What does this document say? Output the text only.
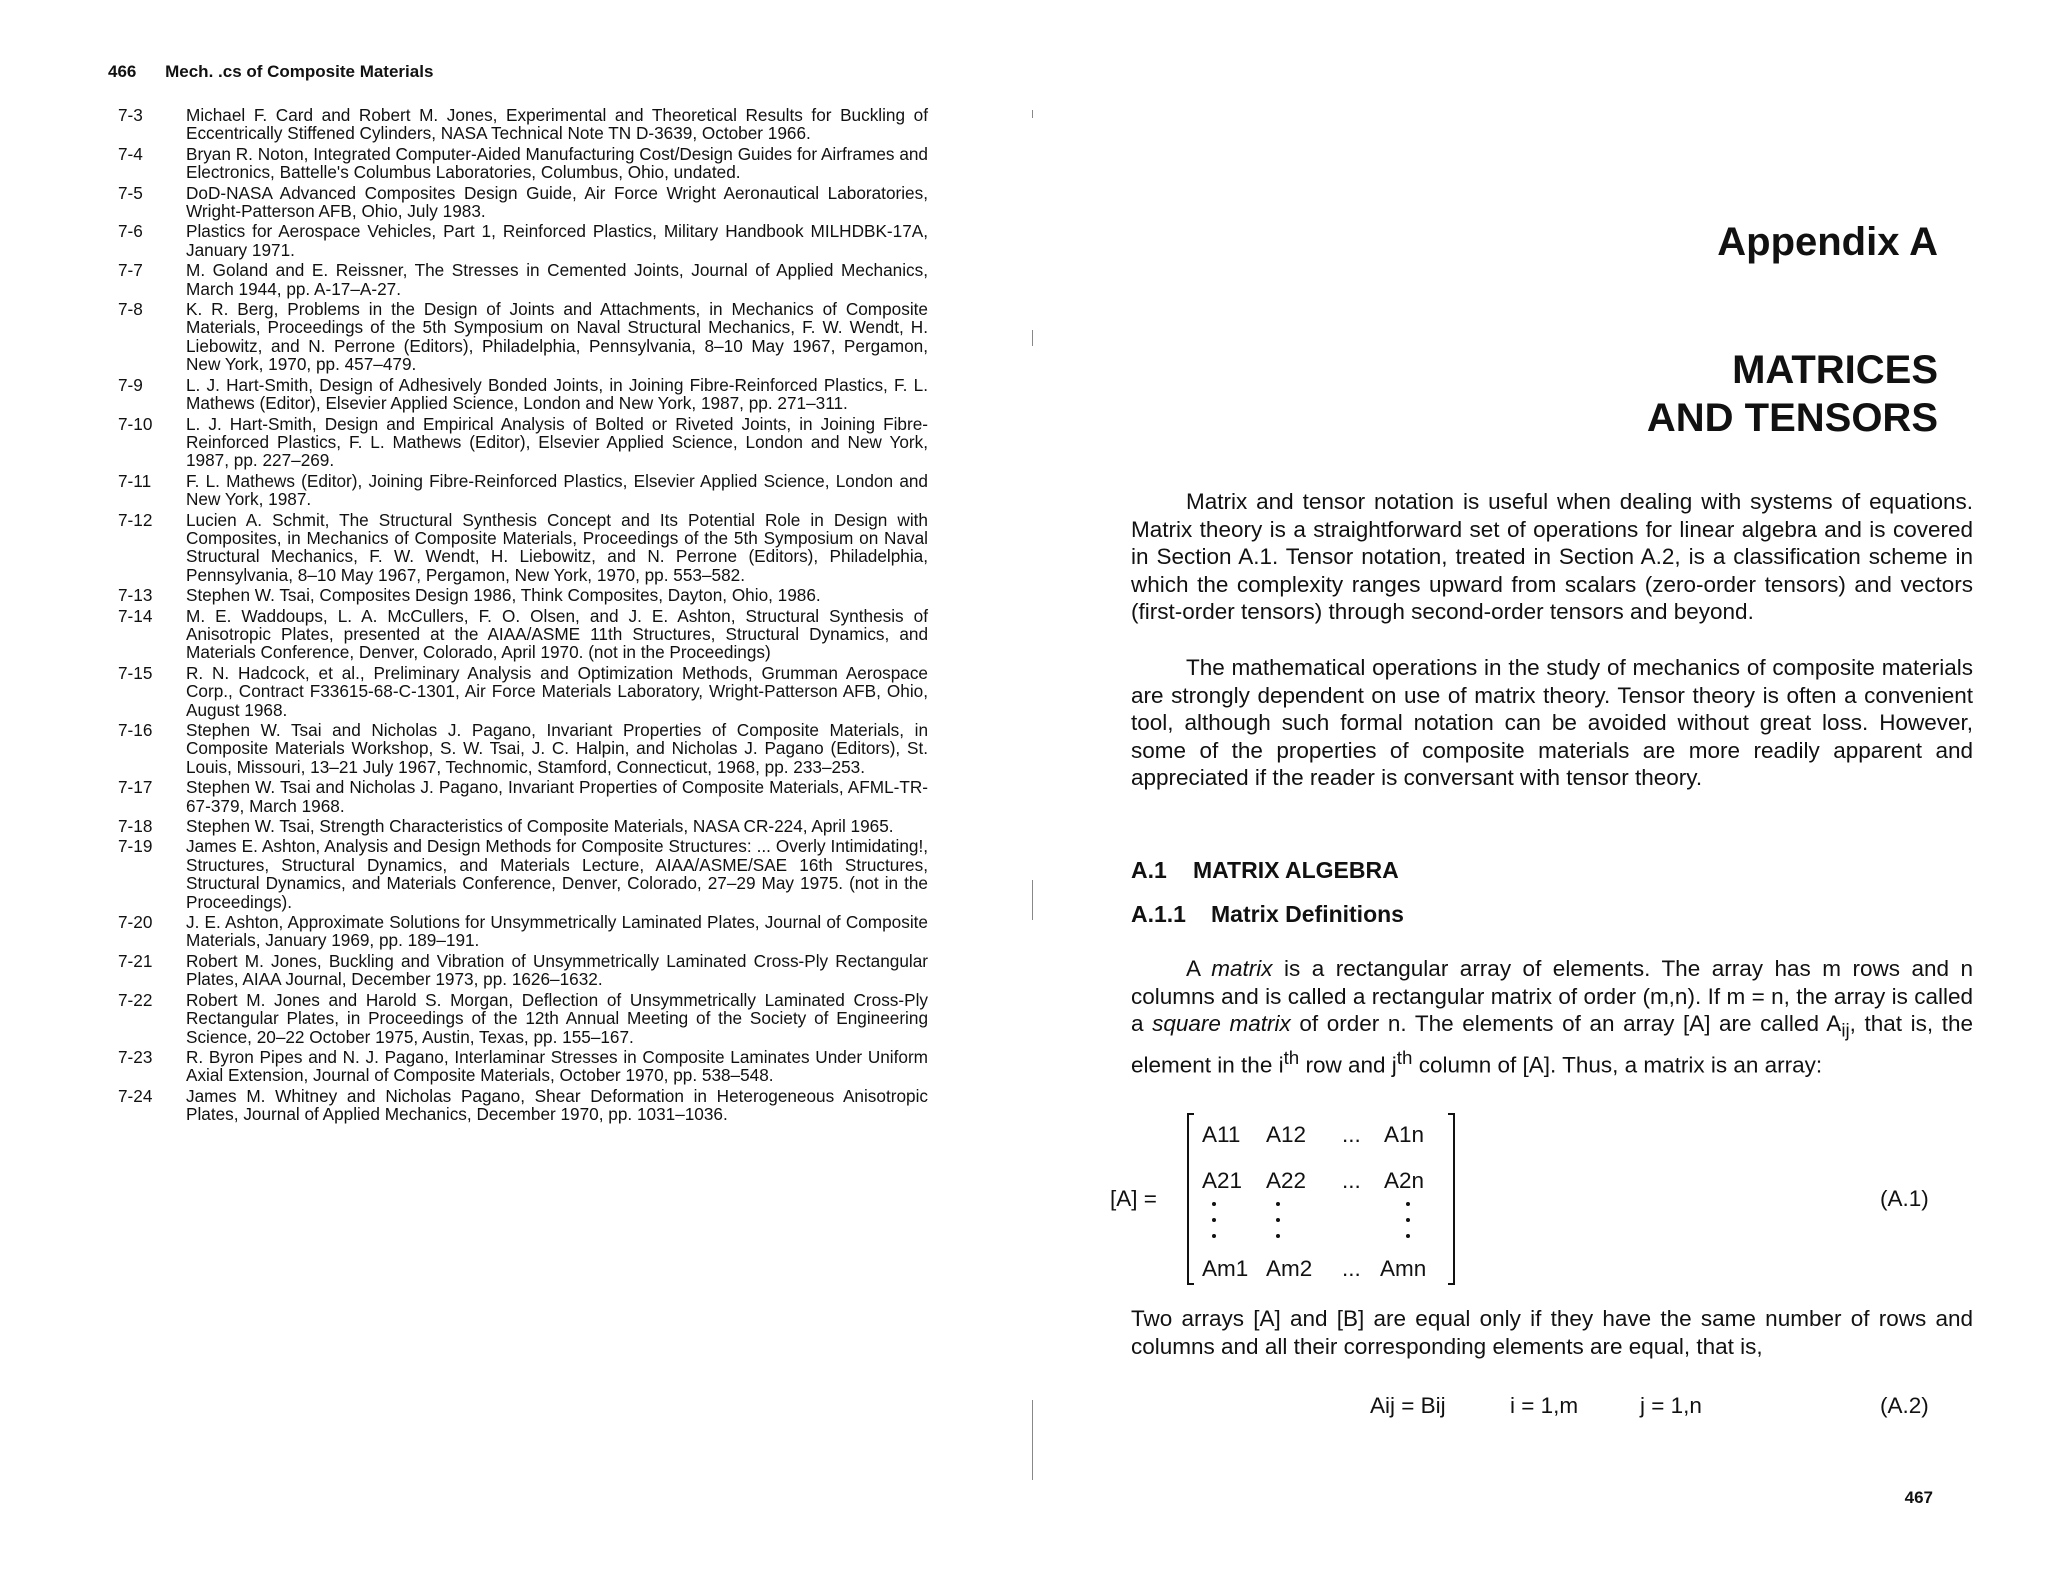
466 Mech. .cs of Composite Materials
7-3	Michael F. Card and Robert M. Jones, Experimental and Theoretical Results for Buckling of Eccentrically Stiffened Cylinders, NASA Technical Note TN D-3639, October 1966.
7-4	Bryan R. Noton, Integrated Computer-Aided Manufacturing Cost/Design Guides for Airframes and Electronics, Battelle's Columbus Laboratories, Columbus, Ohio, undated.
7-5	DoD-NASA Advanced Composites Design Guide, Air Force Wright Aeronautical Laboratories, Wright-Patterson AFB, Ohio, July 1983.
7-6	Plastics for Aerospace Vehicles, Part 1, Reinforced Plastics, Military Handbook MILHDBK-17A, January 1971.
7-7	M. Goland and E. Reissner, The Stresses in Cemented Joints, Journal of Applied Mechanics, March 1944, pp. A-17–A-27.
7-8	K. R. Berg, Problems in the Design of Joints and Attachments, in Mechanics of Composite Materials, Proceedings of the 5th Symposium on Naval Structural Mechanics, F. W. Wendt, H. Liebowitz, and N. Perrone (Editors), Philadelphia, Pennsylvania, 8–10 May 1967, Pergamon, New York, 1970, pp. 457–479.
7-9	L. J. Hart-Smith, Design of Adhesively Bonded Joints, in Joining Fibre-Reinforced Plastics, F. L. Mathews (Editor), Elsevier Applied Science, London and New York, 1987, pp. 271–311.
7-10	L. J. Hart-Smith, Design and Empirical Analysis of Bolted or Riveted Joints, in Joining Fibre-Reinforced Plastics, F. L. Mathews (Editor), Elsevier Applied Science, London and New York, 1987, pp. 227–269.
7-11	F. L. Mathews (Editor), Joining Fibre-Reinforced Plastics, Elsevier Applied Science, London and New York, 1987.
7-12	Lucien A. Schmit, The Structural Synthesis Concept and Its Potential Role in Design with Composites, in Mechanics of Composite Materials, Proceedings of the 5th Symposium on Naval Structural Mechanics, F. W. Wendt, H. Liebowitz, and N. Perrone (Editors), Philadelphia, Pennsylvania, 8–10 May 1967, Pergamon, New York, 1970, pp. 553–582.
7-13	Stephen W. Tsai, Composites Design 1986, Think Composites, Dayton, Ohio, 1986.
7-14	M. E. Waddoups, L. A. McCullers, F. O. Olsen, and J. E. Ashton, Structural Synthesis of Anisotropic Plates, presented at the AIAA/ASME 11th Structures, Structural Dynamics, and Materials Conference, Denver, Colorado, April 1970. (not in the Proceedings)
7-15	R. N. Hadcock, et al., Preliminary Analysis and Optimization Methods, Grumman Aerospace Corp., Contract F33615-68-C-1301, Air Force Materials Laboratory, Wright-Patterson AFB, Ohio, August 1968.
7-16	Stephen W. Tsai and Nicholas J. Pagano, Invariant Properties of Composite Materials, in Composite Materials Workshop, S. W. Tsai, J. C. Halpin, and Nicholas J. Pagano (Editors), St. Louis, Missouri, 13–21 July 1967, Technomic, Stamford, Connecticut, 1968, pp. 233–253.
7-17	Stephen W. Tsai and Nicholas J. Pagano, Invariant Properties of Composite Materials, AFML-TR-67-379, March 1968.
7-18	Stephen W. Tsai, Strength Characteristics of Composite Materials, NASA CR-224, April 1965.
7-19	James E. Ashton, Analysis and Design Methods for Composite Structures: ... Overly Intimidating!, Structures, Structural Dynamics, and Materials Lecture, AIAA/ASME/SAE 16th Structures, Structural Dynamics, and Materials Conference, Denver, Colorado, 27–29 May 1975. (not in the Proceedings).
7-20	J. E. Ashton, Approximate Solutions for Unsymmetrically Laminated Plates, Journal of Composite Materials, January 1969, pp. 189–191.
7-21	Robert M. Jones, Buckling and Vibration of Unsymmetrically Laminated Cross-Ply Rectangular Plates, AIAA Journal, December 1973, pp. 1626–1632.
7-22	Robert M. Jones and Harold S. Morgan, Deflection of Unsymmetrically Laminated Cross-Ply Rectangular Plates, in Proceedings of the 12th Annual Meeting of the Society of Engineering Science, 20–22 October 1975, Austin, Texas, pp. 155–167.
7-23	R. Byron Pipes and N. J. Pagano, Interlaminar Stresses in Composite Laminates Under Uniform Axial Extension, Journal of Composite Materials, October 1970, pp. 538–548.
7-24	James M. Whitney and Nicholas Pagano, Shear Deformation in Heterogeneous Anisotropic Plates, Journal of Applied Mechanics, December 1970, pp. 1031–1036.
Appendix A
MATRICES
AND TENSORS

Matrix and tensor notation is useful when dealing with systems of equations. Matrix theory is a straightforward set of operations for linear algebra and is covered in Section A.1. Tensor notation, treated in Section A.2, is a classification scheme in which the complexity ranges upward from scalars (zero-order tensors) and vectors (first-order tensors) through second-order tensors and beyond.

The mathematical operations in the study of mechanics of composite materials are strongly dependent on use of matrix theory. Tensor theory is often a convenient tool, although such formal notation can be avoided without great loss. However, some of the properties of composite materials are more readily apparent and appreciated if the reader is conversant with tensor theory.

A.1 MATRIX ALGEBRA
A.1.1 Matrix Definitions

A matrix is a rectangular array of elements. The array has m rows and n columns and is called a rectangular matrix of order (m,n). If m = n, the array is called a square matrix of order n. The elements of an array [A] are called $A_{ij}$, that is, the element in the $i^{th}$ row and $j^{th}$ column of [A]. Thus, a matrix is an array:

Two arrays [A] and [B] are equal only if they have the same number of rows and columns and all their corresponding elements are equal, that is,

467
[A] =
A11 A12 ... A1n
A21 A22 ... A2n
Am1 Am2 ... Amn
(A.1)
Aij = Bij	i = 1,m	j = 1,n	(A.2)
